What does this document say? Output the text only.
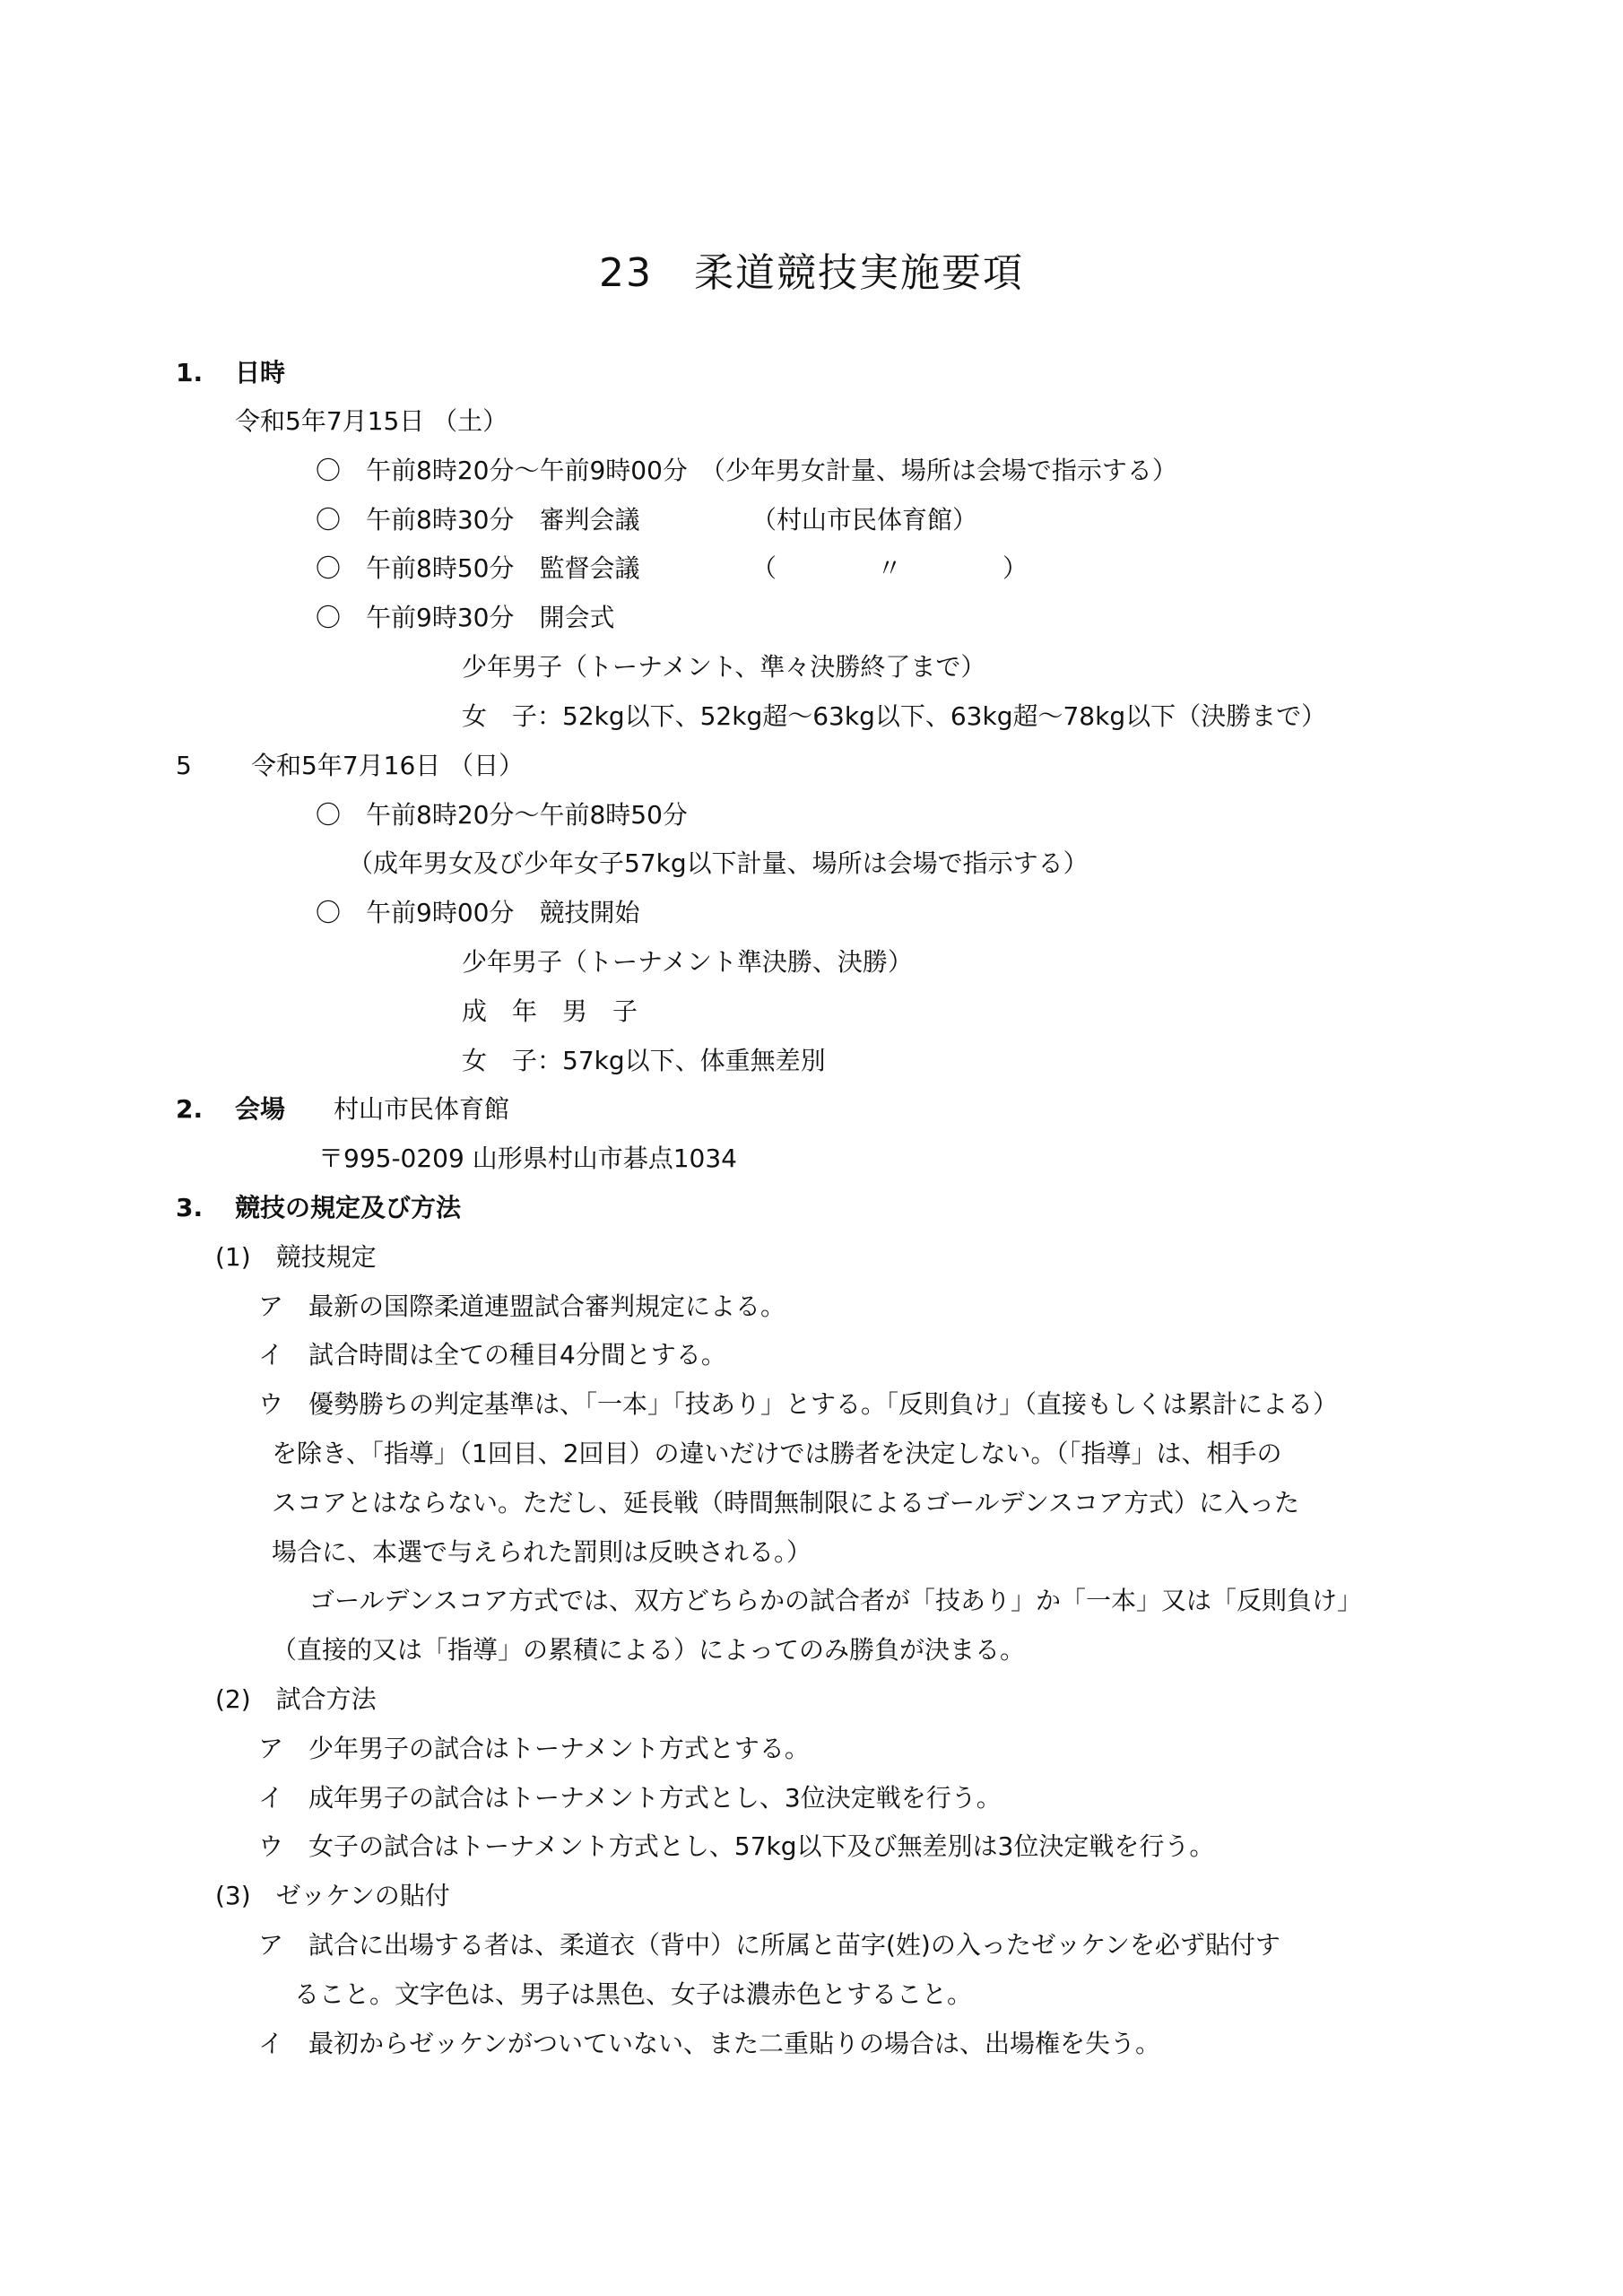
23　柔道競技実施要項
1. 日時
令和5年7月15日 （土）
〇　午前8時20分～午前9時00分　（少年男女計量、場所は会場で指示する）
〇　午前8時30分　審判会議	（村山市民体育館）
〇　午前8時50分　監督会議	（　　　　〃　　　　）
〇　午前9時30分　開会式
少年男子（トーナメント、準々決勝終了まで）
女　子：52kg以下、52kg超～63kg以下、63kg超～78kg以下（決勝まで）
5 令和5年7月16日 （日）
〇　午前8時20分～午前8時50分
（成年男女及び少年女子57kg以下計量、場所は会場で指示する）
〇　午前9時00分　競技開始
少年男子（トーナメント準決勝、決勝）
成　年　男　子
女　子：57kg以下、体重無差別
2. 会場 村山市民体育館
〒995-0209 山形県村山市碁点1034
3. 競技の規定及び方法
(1)　競技規定
ア　最新の国際柔道連盟試合審判規定による。
イ　試合時間は全ての種目4分間とする。
ウ　優勢勝ちの判定基準は、「一本」「技あり」とする。「反則負け」（直接もしくは累計による）
を除き、「指導」（1回目、2回目）の違いだけでは勝者を決定しない。（「指導」は、相手の
スコアとはならない。ただし、延長戦（時間無制限によるゴールデンスコア方式）に入った
場合に、本選で与えられた罰則は反映される。）
ゴールデンスコア方式では、双方どちらかの試合者が「技あり」か「一本」又は「反則負け」
（直接的又は「指導」の累積による）によってのみ勝負が決まる。
(2)　試合方法
ア　少年男子の試合はトーナメント方式とする。
イ　成年男子の試合はトーナメント方式とし、3位決定戦を行う。
ウ　女子の試合はトーナメント方式とし、57kg以下及び無差別は3位決定戦を行う。
(3)　ゼッケンの貼付
ア　試合に出場する者は、柔道衣（背中）に所属と苗字(姓)の入ったゼッケンを必ず貼付す
ること。文字色は、男子は黒色、女子は濃赤色とすること。
イ　最初からゼッケンがついていない、また二重貼りの場合は、出場権を失う。
